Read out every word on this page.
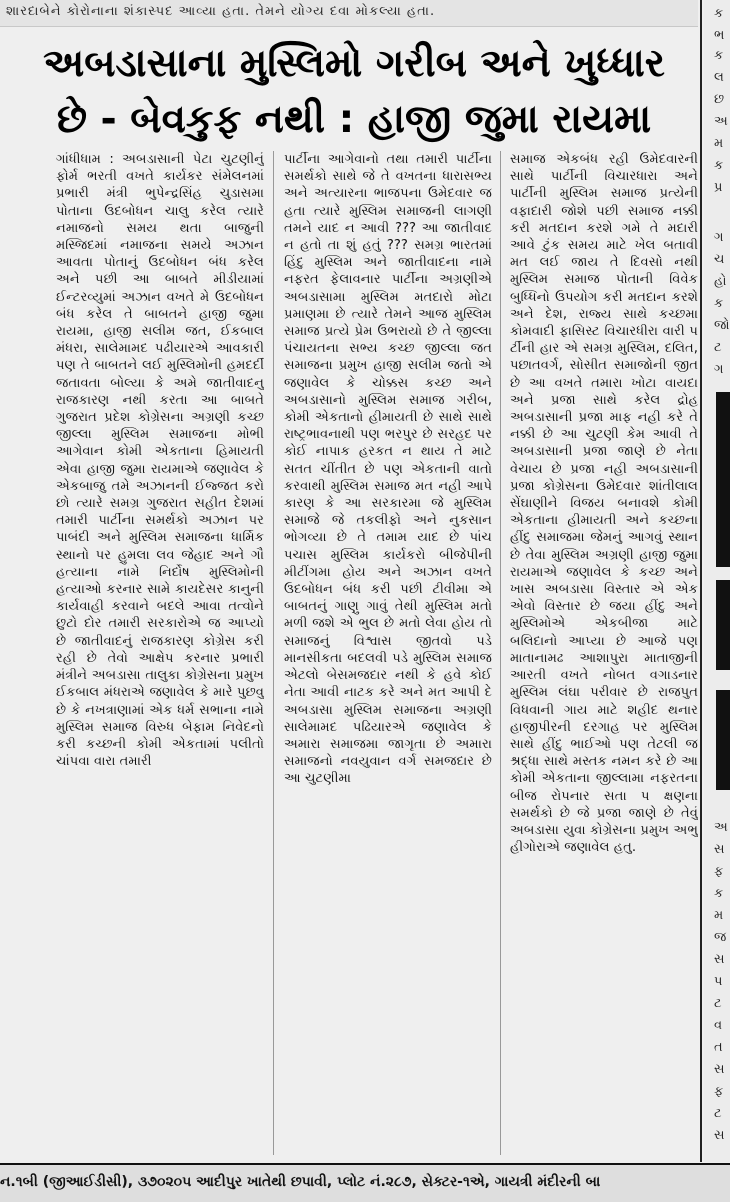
શારદાબેને કોરોનાના શંકાસ્પદ આવ્યા હતા. તેમને યોગ્ય દવા મોકલ્યા હતા.	ક
ભ
ક
લ
છ
અ
મ
ક
પ્ર
ગ
ચ
હો
ક
જો
ટ
ગ
અ
સ
ફ
ક
મ
જ
સ
પ
ટ
વ
ત
સ
ફ
ટ
સ
અબડાસાના મુસ્લિમો ગરીબ અને ખુધ્ધાર
છે - બેવકુફ નથી : હાજી જુમા રાયમા
ગાંધીધામ : અબડાસાની પેટા ચુટણીનું ફોર્મ ભરતી વખતે કાર્યકર સંમેલનમાં પ્રભારી મંત્રી ભુપેન્દ્રસિંહ ચુડાસમા પોતાના ઉદબોધન ચાલુ કરેલ ત્યારે નમાજનો સમય થતા બાજુની મસ્જિદમાં નમાજના સમયે અઝાન આવતા પોતાનું ઉદબોધન બંધ કરેલ અને પછી આ બાબતે મીડીયામાં ઈન્ટરવ્યુમાં અઝાન વખતે મે ઉદબોધન બંધ કરેલ તે બાબતને હાજી જુમા રાયમા, હાજી સલીમ જત, ઈકબાલ મંધરા, સાલેમામદ પઢીયારએ આવકારી પણ તે બાબતને લઈ મુસ્લિમોની હમદર્દી જતાવતા બોલ્યા કે અમે જાતીવાદનુ રાજકારણ નથી કરતા આ બાબતે ગુજરાત પ્રદેશ કોગ્રેસના અગ્રણી કચ્છ જીલ્લા મુસ્લિમ સમાજના મોભી આગેવાન કોમી એકતાના હિમાયતી એવા હાજી જુમા રાયમાએ જણાવેલ કે એકબાજુ તમે અઝાનની ઈજ્જત કરો છો ત્યારે સમગ્ર ગુજરાત સહીત દેશમાં તમારી પાર્ટીના સમર્થકો અઝાન પર પાબંદી અને મુસ્લિમ સમાજના ધાર્મિક સ્થાનો પર હુમલા લવ જેહાદ અને ગૌ હત્યાના નામે નિર્દોષ મુસ્લિમોની હત્યાઓ કરનાર સામે કાયદેસર કાનુની કાર્યવાહી કરવાને બદલે આવા તત્વોને છુટો દોર તમારી સરકારોએ જ આપ્યો છે જાતીવાદનું રાજકારણ કોગ્રેસ કરી રહી છે તેવો આક્ષેપ કરનાર પ્રભારી મંત્રીને અબડાસા તાલુકા કોગ્રેસના પ્રમુખ ઈકબાલ મંધરાએ જણાવેલ કે મારે પુછવુ છે કે નખત્રાણામાં એક ધર્મ સભાના નામે મુસ્લિમ સમાજ વિરુધ બેફામ નિવેદનો કરી કચ્છની કોમી એકતામાં પલીતો ચાંપવા વારા તમારી
પાર્ટીના આગેવાનો તથા તમારી પાર્ટીના સમર્થકો સાથે જે તે વખતના ધારાસભ્ય અને અત્યારના ભાજપના ઉમેદવાર જ હતા ત્યારે મુસ્લિમ સમાજની લાગણી તમને યાદ ન આવી ??? આ જાતીવાદ ન હતો તા શું હતું ??? સમગ્ર ભારતમાં હિંદુ મુસ્લિમ અને જાતીવાદના નામે નફરત ફેલાવનાર પાર્ટીના અગ્રણીએ અબડાસામા મુસ્લિમ મતદારો મોટા પ્રમાણમા છે ત્યારે તેમને આજ મુસ્લિમ સમાજ પ્રત્યે પ્રેમ ઉભરાયો છે તે જીલ્લા પંચાયતના સભ્ય કચ્છ જીલ્લા જત સમાજના પ્રમુખ હાજી સલીમ જતો એ જણાવેલ કે ચોક્કસ કચ્છ અને અબડાસાનો મુસ્લિમ સમાજ ગરીબ, કોમી એકતાનો હીમાયતી છે સાથે સાથે રાષ્ટ્રભાવનાથી પણ ભરપુર છે સરહદ પર કોઈ નાપાક હરકત ન થાય તે માટે સતત ચીંતીત છે પણ એકતાની વાતો કરવાથી મુસ્લિમ સમાજ મત નહી આપે કારણ કે આ સરકારમા જે મુસ્લિમ સમાજે જે તકલીફો અને નુકસાન ભોગવ્યા છે તે તમામ યાદ છે પાંચ પચાસ મુસ્લિમ કાર્યકરો બીજેપીની મીટીંગમા હોય અને અઝાન વખતે ઉદબોધન બંધ કરી પછી ટીવીમા એ બાબતનું ગાણુ ગાવું તેથી મુસ્લિમ મતો મળી જશે એ ભુલ છે મતો લેવા હોય તો સમાજનું વિશ્વાસ જીતવો પડે માનસીકતા બદલવી પડે મુસ્લિમ સમાજ એટલો બેસમજદાર નથી કે હવે કોઈ નેતા આવી નાટક કરે અને મત આપી દે અબડાસા મુસ્લિમ સમાજના અગ્રણી સાલેમામદ પઢિયારએ જણાવેલ કે અમારા સમાજમા જાગૃતા છે અમારા સમાજનો નવયુવાન વર્ગ સમજદાર છે આ ચુટણીમા
સમાજ એકબંધ રહી ઉમેદવારની સાથે પાર્ટીની વિચારધારા અને પાર્ટીની મુસ્લિમ સમાજ પ્રત્યેની વફાદારી જોશે પછી સમાજ નક્કી કરી મતદાન કરશે ગમે તે મદારી આવે ટુંક સમય માટે ખેલ બતાવી મત લઈ જાય તે દિવસો નથી મુસ્લિમ સમાજ પોતાની વિવેક બુધ્ધિનો ઉપયોગ કરી મતદાન કરશે અને દેશ, રાજ્ય સાથે કચ્છમા કોમવાદી ફાસિસ્ટ વિચારધીરા વારી પ ર્ટીની હાર એ સમગ્ર મુસ્લિમ, દલિત, પછાતવર્ગ, સોસીત સમાજોની જીત છે આ વખતે તમારા ખોટા વાયદા અને પ્રજા સાથે કરેલ દ્રોહ અબડાસાની પ્રજા માફ નહી કરે તે નક્કી છે આ ચુટણી કેમ આવી તે અબડાસાની પ્રજા જાણે છે નેતા વેચાય છે પ્રજા નહી અબડાસાની પ્રજા કોગ્રેસના ઉમેદવાર શાંતીલાલ સેંઘાણીને વિજય બનાવશે કોમી એકતાના હીમાયતી અને કચ્છના હીંદુ સમાજમા જેમનું આગવું સ્થાન છે તેવા મુસ્લિમ અગ્રણી હાજી જુમા રાયમાએ જણાવેલ કે કચ્છ અને ખાસ અબડાસા વિસ્તાર એ એક એવો વિસ્તાર છે જયા હીંદુ અને મુસ્લિમોએ એકબીજા માટે બલિદાનો આપ્યા છે આજે પણ માતાનામઢ આશાપુરા માતાજીની આરતી વખતે નોબત વગાડનાર મુસ્લિમ લંઘા પરીવાર છે રાજપુત વિધવાની ગાય માટે શહીદ થનાર હાજીપીરની દરગાહ પર મુસ્લિમ સાથે હીંદુ ભાઈઓ પણ તેટલી જ શ્રદ્ધા સાથે મસ્તક નમન કરે છે આ કોમી એકતાના જીલ્લામા નફરતના બીજ રોપનાર સતા પ ક્ષણના સમર્થકો છે જે પ્રજા જાણે છે તેવું અબડાસા યુવા કોગ્રેસના પ્રમુખ અભુ હીગોરાએ જણાવેલ હતુ.
ન.૧બી (જીઆઈડીસી), ૩૭૦૨૦૫ આદીપુર ખાતેથી છપાવી, પ્લોટ નં.૨૮૭, સેક્ટર-૧એ, ગાયત્રી મંદીરની બા
